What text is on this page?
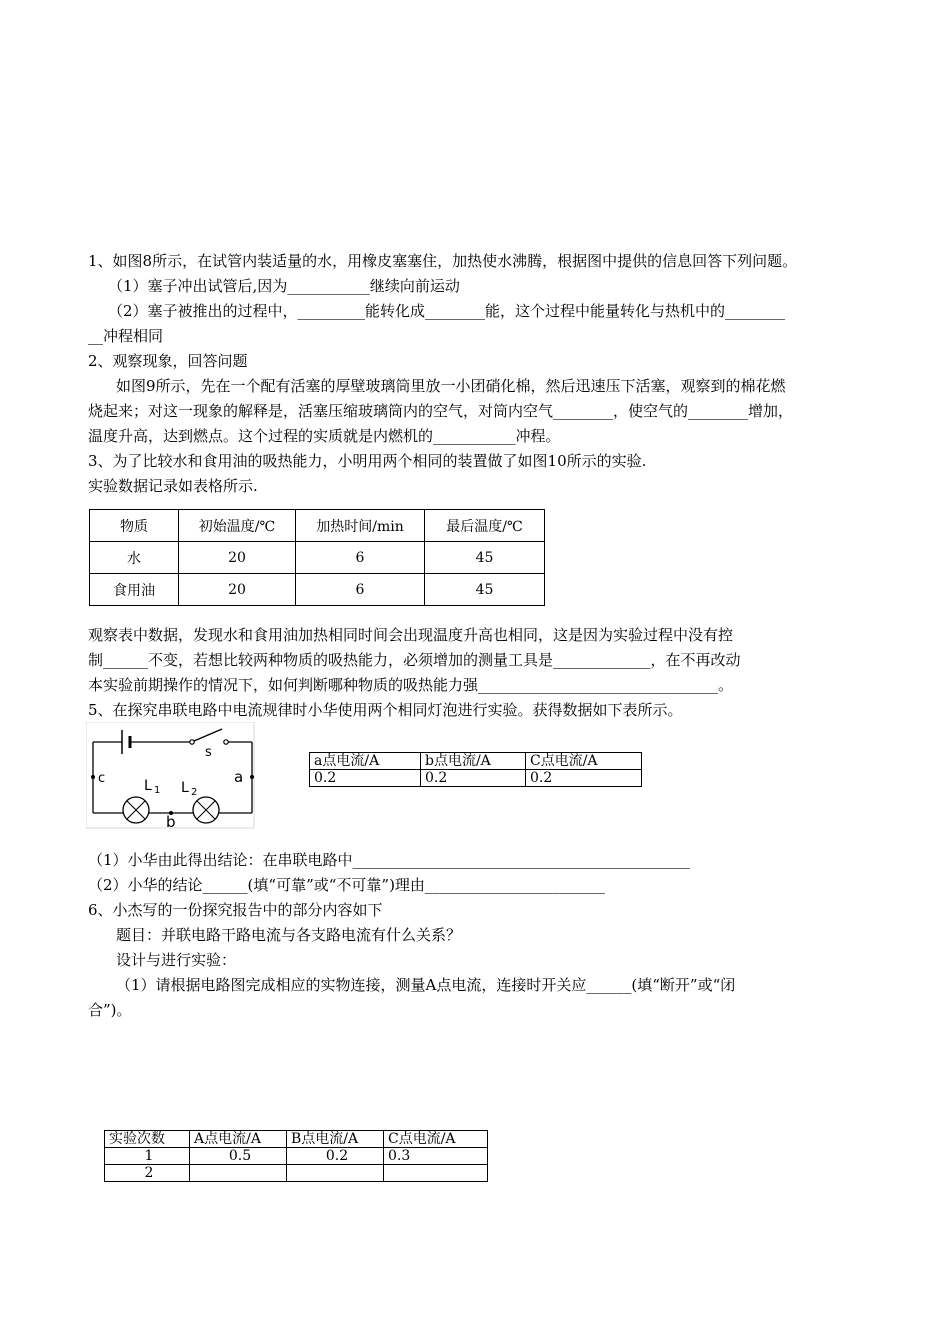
1、如图8所示，在试管内装适量的水，用橡皮塞塞住，加热使水沸腾，根据图中提供的信息回答下列问题。
（1）塞子冲出试管后,因为___________继续向前运动
（2）塞子被推出的过程中，_________能转化成________能，这个过程中能量转化与热机中的________
__冲程相同
2、观察现象，回答问题
如图9所示，先在一个配有活塞的厚壁玻璃筒里放一小团硝化棉，然后迅速压下活塞，观察到的棉花燃
烧起来；对这一现象的解释是，活塞压缩玻璃筒内的空气，对筒内空气________，使空气的________增加，
温度升高，达到燃点。这个过程的实质就是内燃机的___________冲程。
3、为了比较水和食用油的吸热能力，小明用两个相同的装置做了如图10所示的实验.
实验数据记录如表格所示.
物质	初始温度/℃	加热时间/min	最后温度/℃
水	20	6	45
食用油	20	6	45
观察表中数据，发现水和食用油加热相同时间会出现温度升高也相同，这是因为实验过程中没有控
制______不变，若想比较两种物质的吸热能力，必须增加的测量工具是_____________，在不再改动
本实验前期操作的情况下，如何判断哪种物质的吸热能力强________________________________。
5、在探究串联电路中电流规律时小华使用两个相同灯泡进行实验。获得数据如下表所示。
s
c	a
b
L 1 L 2
a点电流/A	b点电流/A	C点电流/A
0.2	0.2	0.2
（1）小华由此得出结论：在串联电路中_____________________________________________
（2）小华的结论______(填“可靠”或“不可靠”)理由________________________
6、小杰写的一份探究报告中的部分内容如下
题目：并联电路干路电流与各支路电流有什么关系？
设计与进行实验：
（1）请根据电路图完成相应的实物连接，测量A点电流，连接时开关应______(填“断开”或“闭
合”)。
实验次数	A点电流/A	B点电流/A	C点电流/A
1	0.5	0.2	0.3
2			
